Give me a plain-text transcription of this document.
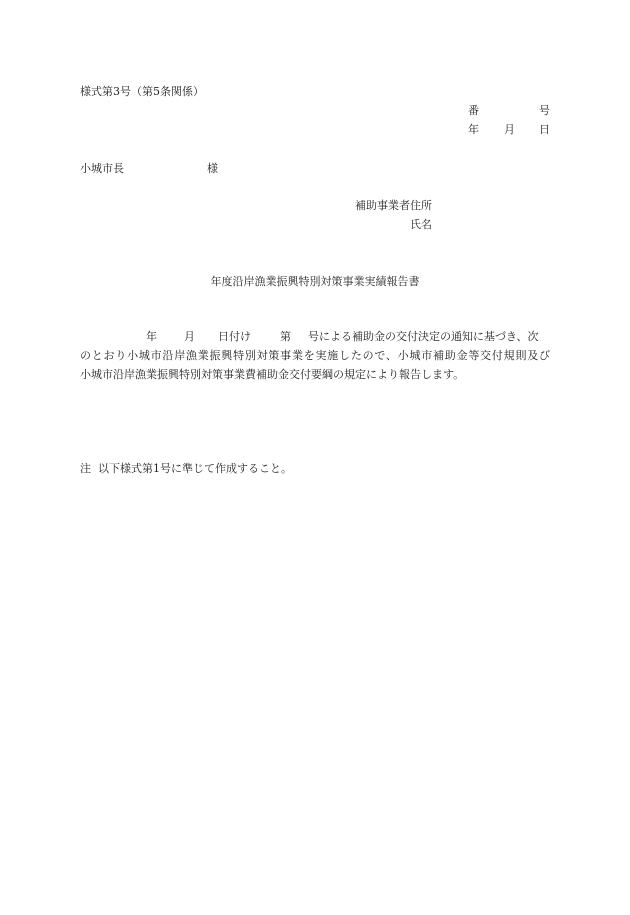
様式第3号（第5条関係）
番	号
年 月 日
小城市長	様
補助事業者住所
氏名
年度沿岸漁業振興特別対策事業実績報告書
年 月 日付け	第 号による補助金の交付決定の通知に基づき、次
のとおり小城市沿岸漁業振興特別対策事業を実施したので、小城市補助金等交付規則及び
小城市沿岸漁業振興特別対策事業費補助金交付要綱の規定により報告します。
注 以下様式第1号に準じて作成すること。
